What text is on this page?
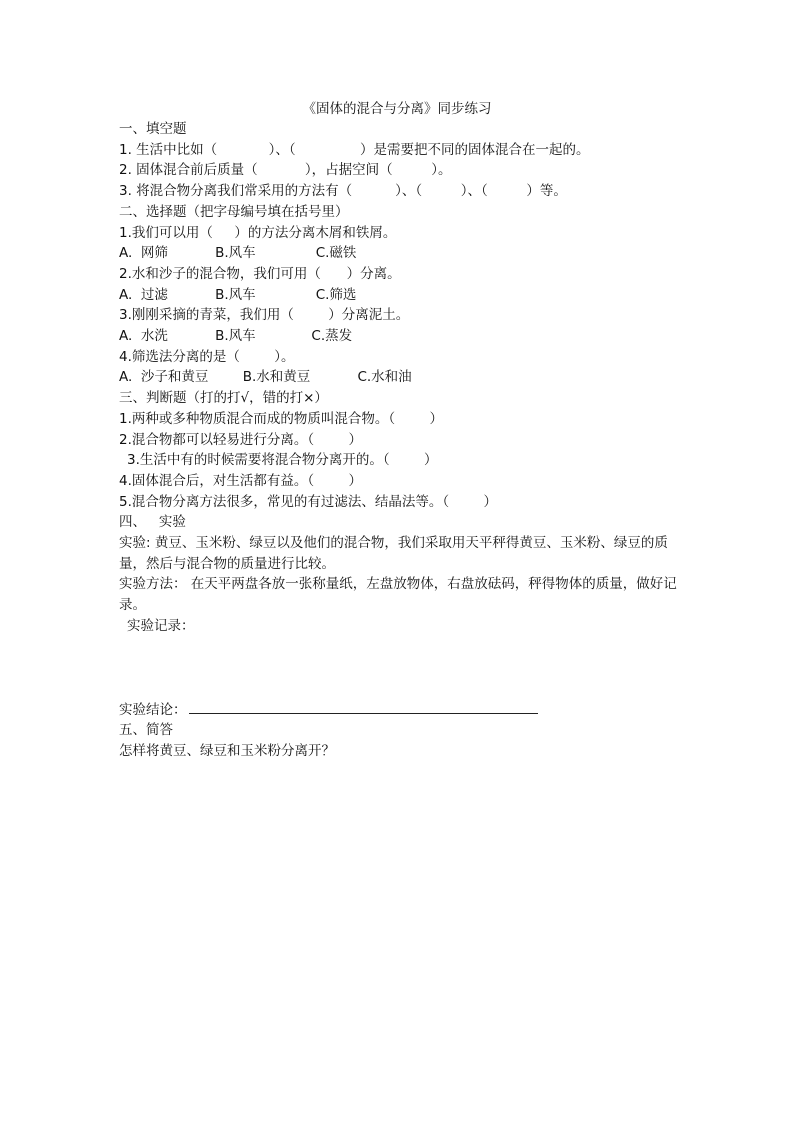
《固体的混合与分离》同步练习
一、填空题
1. 生活中比如（            ）、（               ）是需要把不同的固体混合在一起的。
2. 固体混合前后质量（           ），占据空间（         ）。
3. 将混合物分离我们常采用的方法有（          ）、（         ）、（         ）等。
二、选择题（把字母编号填在括号里）
1.我们可以用（     ）的方法分离木屑和铁屑。
A.  网筛           B.风车              C.磁铁
2.水和沙子的混合物，我们可用（      ）分离。
A.  过滤           B.风车              C.筛选
3.刚刚采摘的青菜，我们用（        ）分离泥土。
A.  水洗           B.风车             C.蒸发
4.筛选法分离的是（        ）。
A.  沙子和黄豆        B.水和黄豆           C.水和油
三、判断题（打的打√，错的打×）
1.两种或多种物质混合而成的物质叫混合物。（        ）
2.混合物都可以轻易进行分离。（        ）
3.生活中有的时候需要将混合物分离开的。（        ）
4.固体混合后，对生活都有益。（        ）
5.混合物分离方法很多，常见的有过滤法、结晶法等。（        ）
四、   实验
实验: 黄豆、玉米粉、绿豆以及他们的混合物，我们采取用天平秤得黄豆、玉米粉、绿豆的质量，然后与混合物的质量进行比较。
实验方法： 在天平两盘各放一张称量纸，左盘放物体，右盘放砝码，秤得物体的质量，做好记录。
实验记录：
实验结论：
五、简答
怎样将黄豆、绿豆和玉米粉分离开？
